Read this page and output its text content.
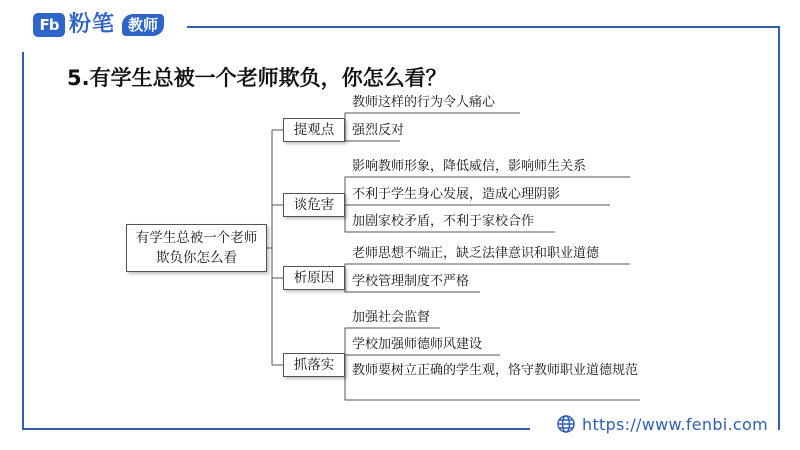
Fb 粉笔 教师
5.有学生总被一个老师欺负，你怎么看？
有学生总被一个老师欺负你怎么看
提观点
教师这样的行为令人痛心
强烈反对
谈危害
影响教师形象，降低威信，影响师生关系
不利于学生身心发展，造成心理阴影
加剧家校矛盾，不利于家校合作
析原因
老师思想不端正，缺乏法律意识和职业道德
学校管理制度不严格
抓落实
加强社会监督
学校加强师德师风建设
教师要树立正确的学生观，恪守教师职业道德规范
https://www.fenbi.com
